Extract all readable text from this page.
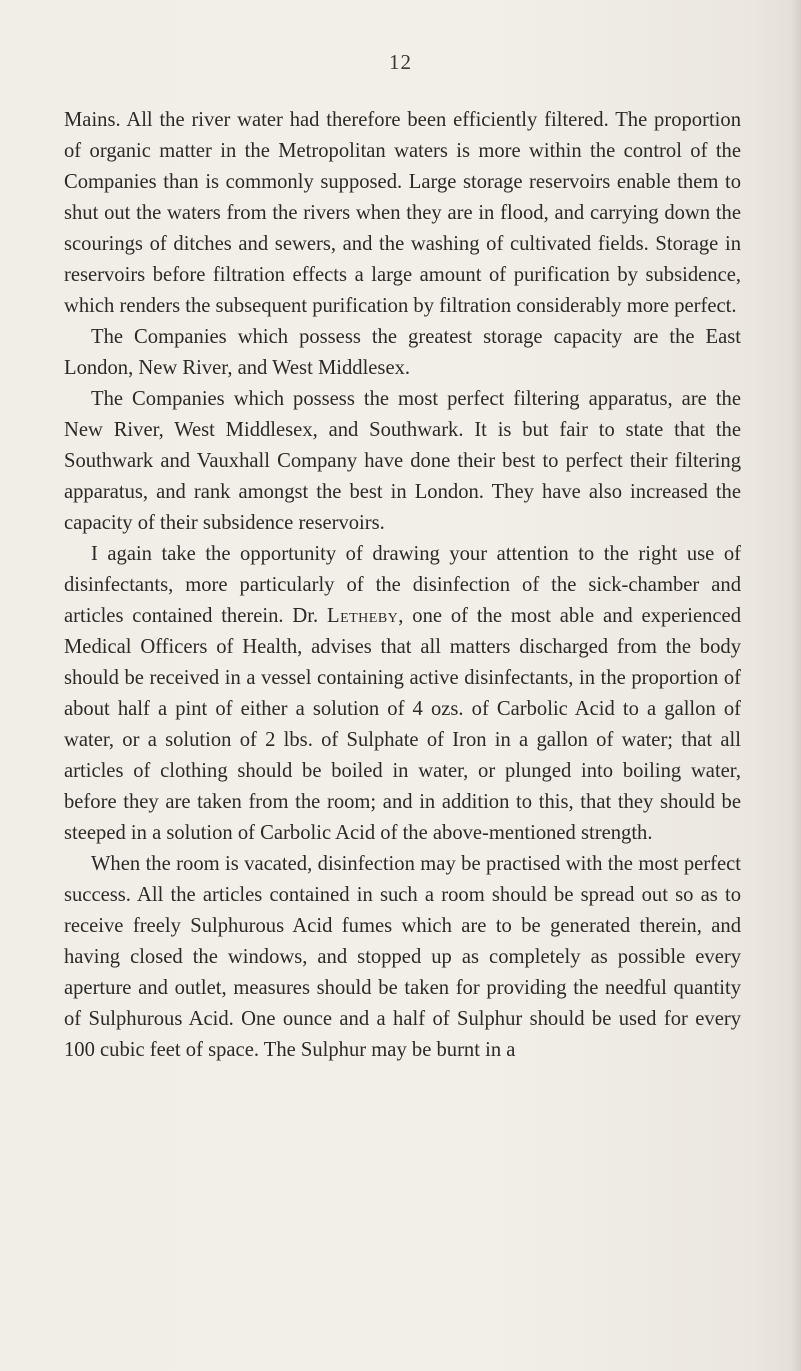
12

Mains. All the river water had therefore been efficiently filtered. The proportion of organic matter in the Metropolitan waters is more within the control of the Companies than is commonly supposed. Large storage reservoirs enable them to shut out the waters from the rivers when they are in flood, and carrying down the scourings of ditches and sewers, and the washing of cultivated fields. Storage in reservoirs before filtration effects a large amount of purification by subsidence, which renders the subsequent purification by filtration considerably more perfect.

The Companies which possess the greatest storage capacity are the East London, New River, and West Middlesex.

The Companies which possess the most perfect filtering apparatus, are the New River, West Middlesex, and Southwark. It is but fair to state that the Southwark and Vauxhall Company have done their best to perfect their filtering apparatus, and rank amongst the best in London. They have also increased the capacity of their subsidence reservoirs.

I again take the opportunity of drawing your attention to the right use of disinfectants, more particularly of the disinfection of the sick-chamber and articles contained therein. Dr. Letheby, one of the most able and experienced Medical Officers of Health, advises that all matters discharged from the body should be received in a vessel containing active disinfectants, in the proportion of about half a pint of either a solution of 4 ozs. of Carbolic Acid to a gallon of water, or a solution of 2 lbs. of Sulphate of Iron in a gallon of water; that all articles of clothing should be boiled in water, or plunged into boiling water, before they are taken from the room; and in addition to this, that they should be steeped in a solution of Carbolic Acid of the above-mentioned strength.

When the room is vacated, disinfection may be practised with the most perfect success. All the articles contained in such a room should be spread out so as to receive freely Sulphurous Acid fumes which are to be generated therein, and having closed the windows, and stopped up as completely as possible every aperture and outlet, measures should be taken for providing the needful quantity of Sulphurous Acid. One ounce and a half of Sulphur should be used for every 100 cubic feet of space. The Sulphur may be burnt in a
